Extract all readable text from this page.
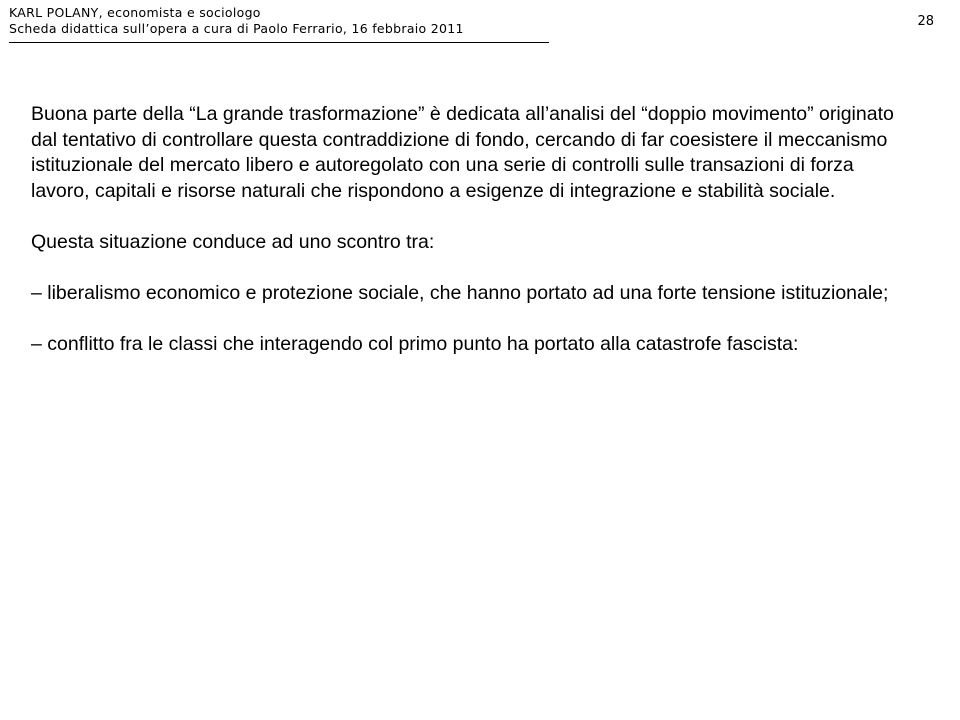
KARL POLANY, economista e sociologo
Scheda didattica sull’opera a cura di Paolo Ferrario, 16 febbraio 2011	28

Buona parte della “La grande trasformazione” è dedicata all’analisi del “doppio movimento” originato dal tentativo di controllare questa contraddizione di fondo, cercando di far coesistere il meccanismo istituzionale del mercato libero e autoregolato con una serie di controlli sulle transazioni di forza lavoro, capitali e risorse naturali che rispondono a esigenze di integrazione e stabilità sociale.

Questa situazione conduce ad uno scontro tra:

– liberalismo economico e protezione sociale, che hanno portato ad una forte tensione istituzionale;

– conflitto fra le classi che interagendo col primo punto ha portato alla catastrofe fascista:
